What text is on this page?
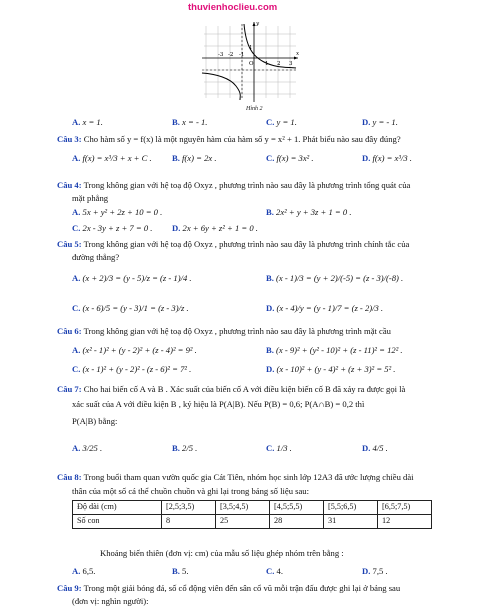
thuvienhoclieu.com
x
y
-3 -2 -1
O 1 2 3
1
Hình 2
A. x = 1.	B. x = - 1.	C. y = 1.	D. y = - 1.
Câu 3: Cho hàm số y = f(x) là một nguyên hàm của hàm số y = x² + 1. Phát biểu nào sau đây đúng?
A. f(x) = x³/3 + x + C . B. f(x) = 2x .	C. f(x) = 3x² .	D. f(x) = x³/3 .
Câu 4: Trong không gian với hệ toạ độ Oxyz , phương trình nào sau đây là phương trình tổng quát của
mặt phẳng
A. 5x + y² + 2z + 10 = 0 .	B. 2x² + y + 3z + 1 = 0 .
C. 2x - 3y + z + 7 = 0 . D. 2x + 6y + z² + 1 = 0 .
Câu 5: Trong không gian với hệ toạ độ Oxyz , phương trình nào sau đây là phương trình chính tắc của
đường thẳng?
A. (x + 2)/3 = (y - 5)/z = (z - 1)/4 .	B. (x - 1)/3 = (y + 2)/(-5) = (z - 3)/(-8) .
C. (x - 6)/5 = (y - 3)/1 = (z - 3)/z .	D. (x - 4)/y = (y - 1)/7 = (z - 2)/3 .
Câu 6: Trong không gian với hệ toạ độ Oxyz , phương trình nào sau đây là phương trình mặt cầu
A. (x² - 1)² + (y - 2)² + (z - 4)² = 9² .	B. (x - 9)² + (y² - 10)² + (z - 11)² = 12² .
C. (x - 1)² + (y - 2)² - (z - 6)² = 7² .	D. (x - 10)² + (y - 4)² + (z + 3)² = 5² .
Câu 7: Cho hai biến cố A và B . Xác suất của biến cố A với điều kiện biến cố B đã xảy ra được gọi là
xác suất của A với điều kiện B , ký hiệu là P(A|B). Nếu P(B) = 0,6; P(A∩B) = 0,2 thì
P(A|B) bằng:
A. 3/25 .	B. 2/5 .	C. 1/3 .	D. 4/5 .
Câu 8: Trong buổi tham quan vườn quốc gia Cát Tiên, nhóm học sinh lớp 12A3 đã ước lượng chiều dài
thân của một số cá thể chuồn chuồn và ghi lại trong bảng số liệu sau:
Độ dài (cm)	[2,5;3,5)	[3,5;4,5)	[4,5;5,5)	[5,5;6,5)	[6,5;7,5)
Số con	8	25	28	31	12
Khoảng biến thiên (đơn vị: cm) của mẫu số liệu ghép nhóm trên bằng :
A. 6,5.	B. 5.	C. 4.	D. 7,5 .
Câu 9: Trong một giải bóng đá, số cổ động viên đến sân cổ vũ mỗi trận đấu được ghi lại ở bảng sau
(đơn vị: nghìn người):
